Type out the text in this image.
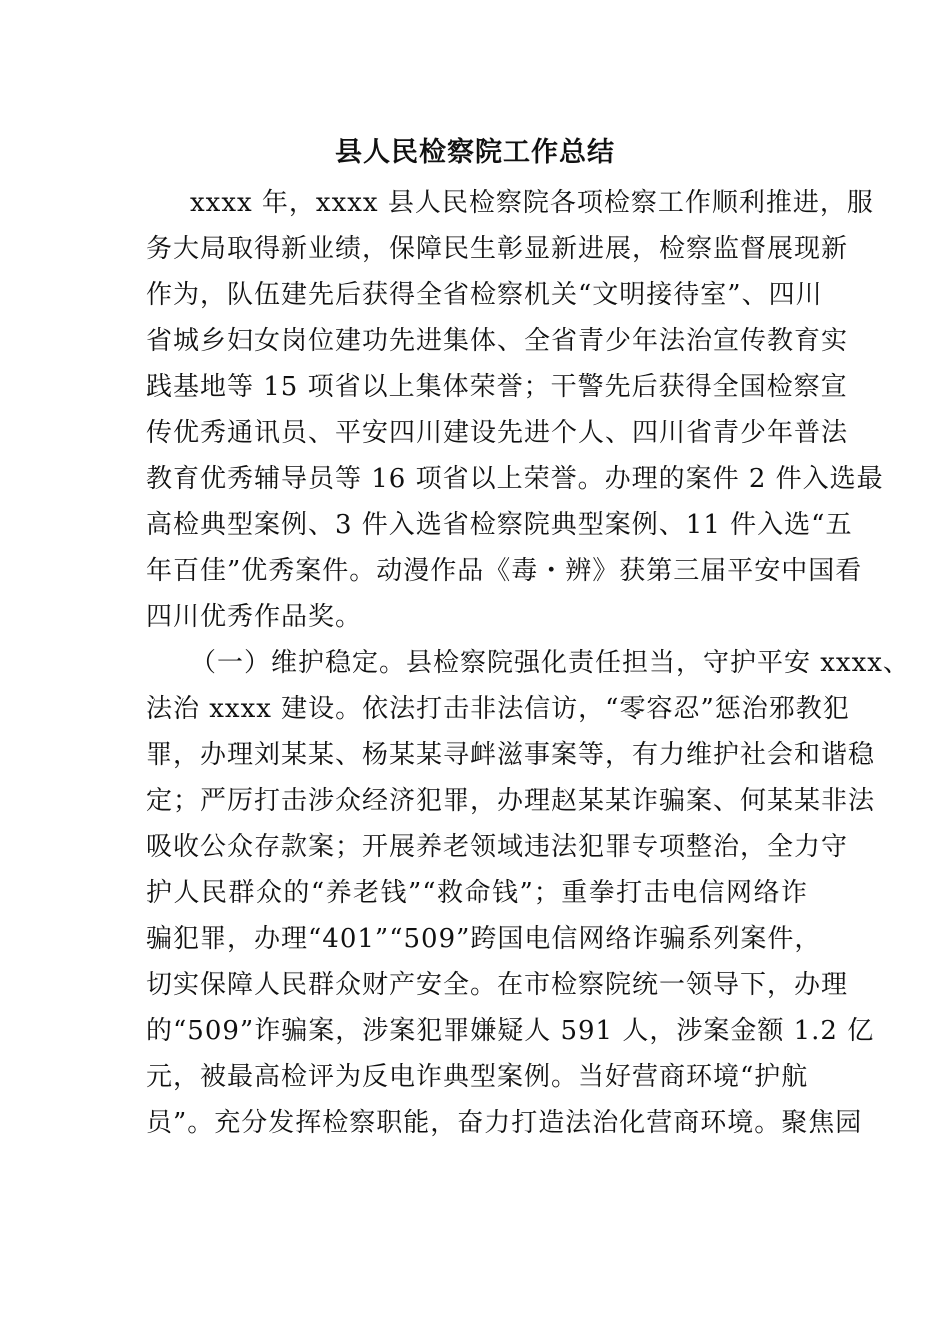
县人民检察院工作总结
xxxx 年，xxxx 县人民检察院各项检察工作顺利推进，服
务大局取得新业绩，保障民生彰显新进展，检察监督展现新
作为，队伍建先后获得全省检察机关“文明接待室”、四川
省城乡妇女岗位建功先进集体、全省青少年法治宣传教育实
践基地等 15 项省以上集体荣誉；干警先后获得全国检察宣
传优秀通讯员、平安四川建设先进个人、四川省青少年普法
教育优秀辅导员等 16 项省以上荣誉。办理的案件 2 件入选最
高检典型案例、3 件入选省检察院典型案例、11 件入选“五
年百佳”优秀案件。动漫作品《毒・辨》获第三届平安中国看
四川优秀作品奖。
（一）维护稳定。县检察院强化责任担当，守护平安 xxxx、
法治 xxxx 建设。依法打击非法信访，“零容忍”惩治邪教犯
罪，办理刘某某、杨某某寻衅滋事案等，有力维护社会和谐稳
定；严厉打击涉众经济犯罪，办理赵某某诈骗案、何某某非法
吸收公众存款案；开展养老领域违法犯罪专项整治，全力守
护人民群众的“养老钱”“救命钱”；重拳打击电信网络诈
骗犯罪，办理“401”“509”跨国电信网络诈骗系列案件，
切实保障人民群众财产安全。在市检察院统一领导下，办理
的“509”诈骗案，涉案犯罪嫌疑人 591 人，涉案金额 1.2 亿
元，被最高检评为反电诈典型案例。当好营商环境“护航
员”。充分发挥检察职能，奋力打造法治化营商环境。聚焦园
